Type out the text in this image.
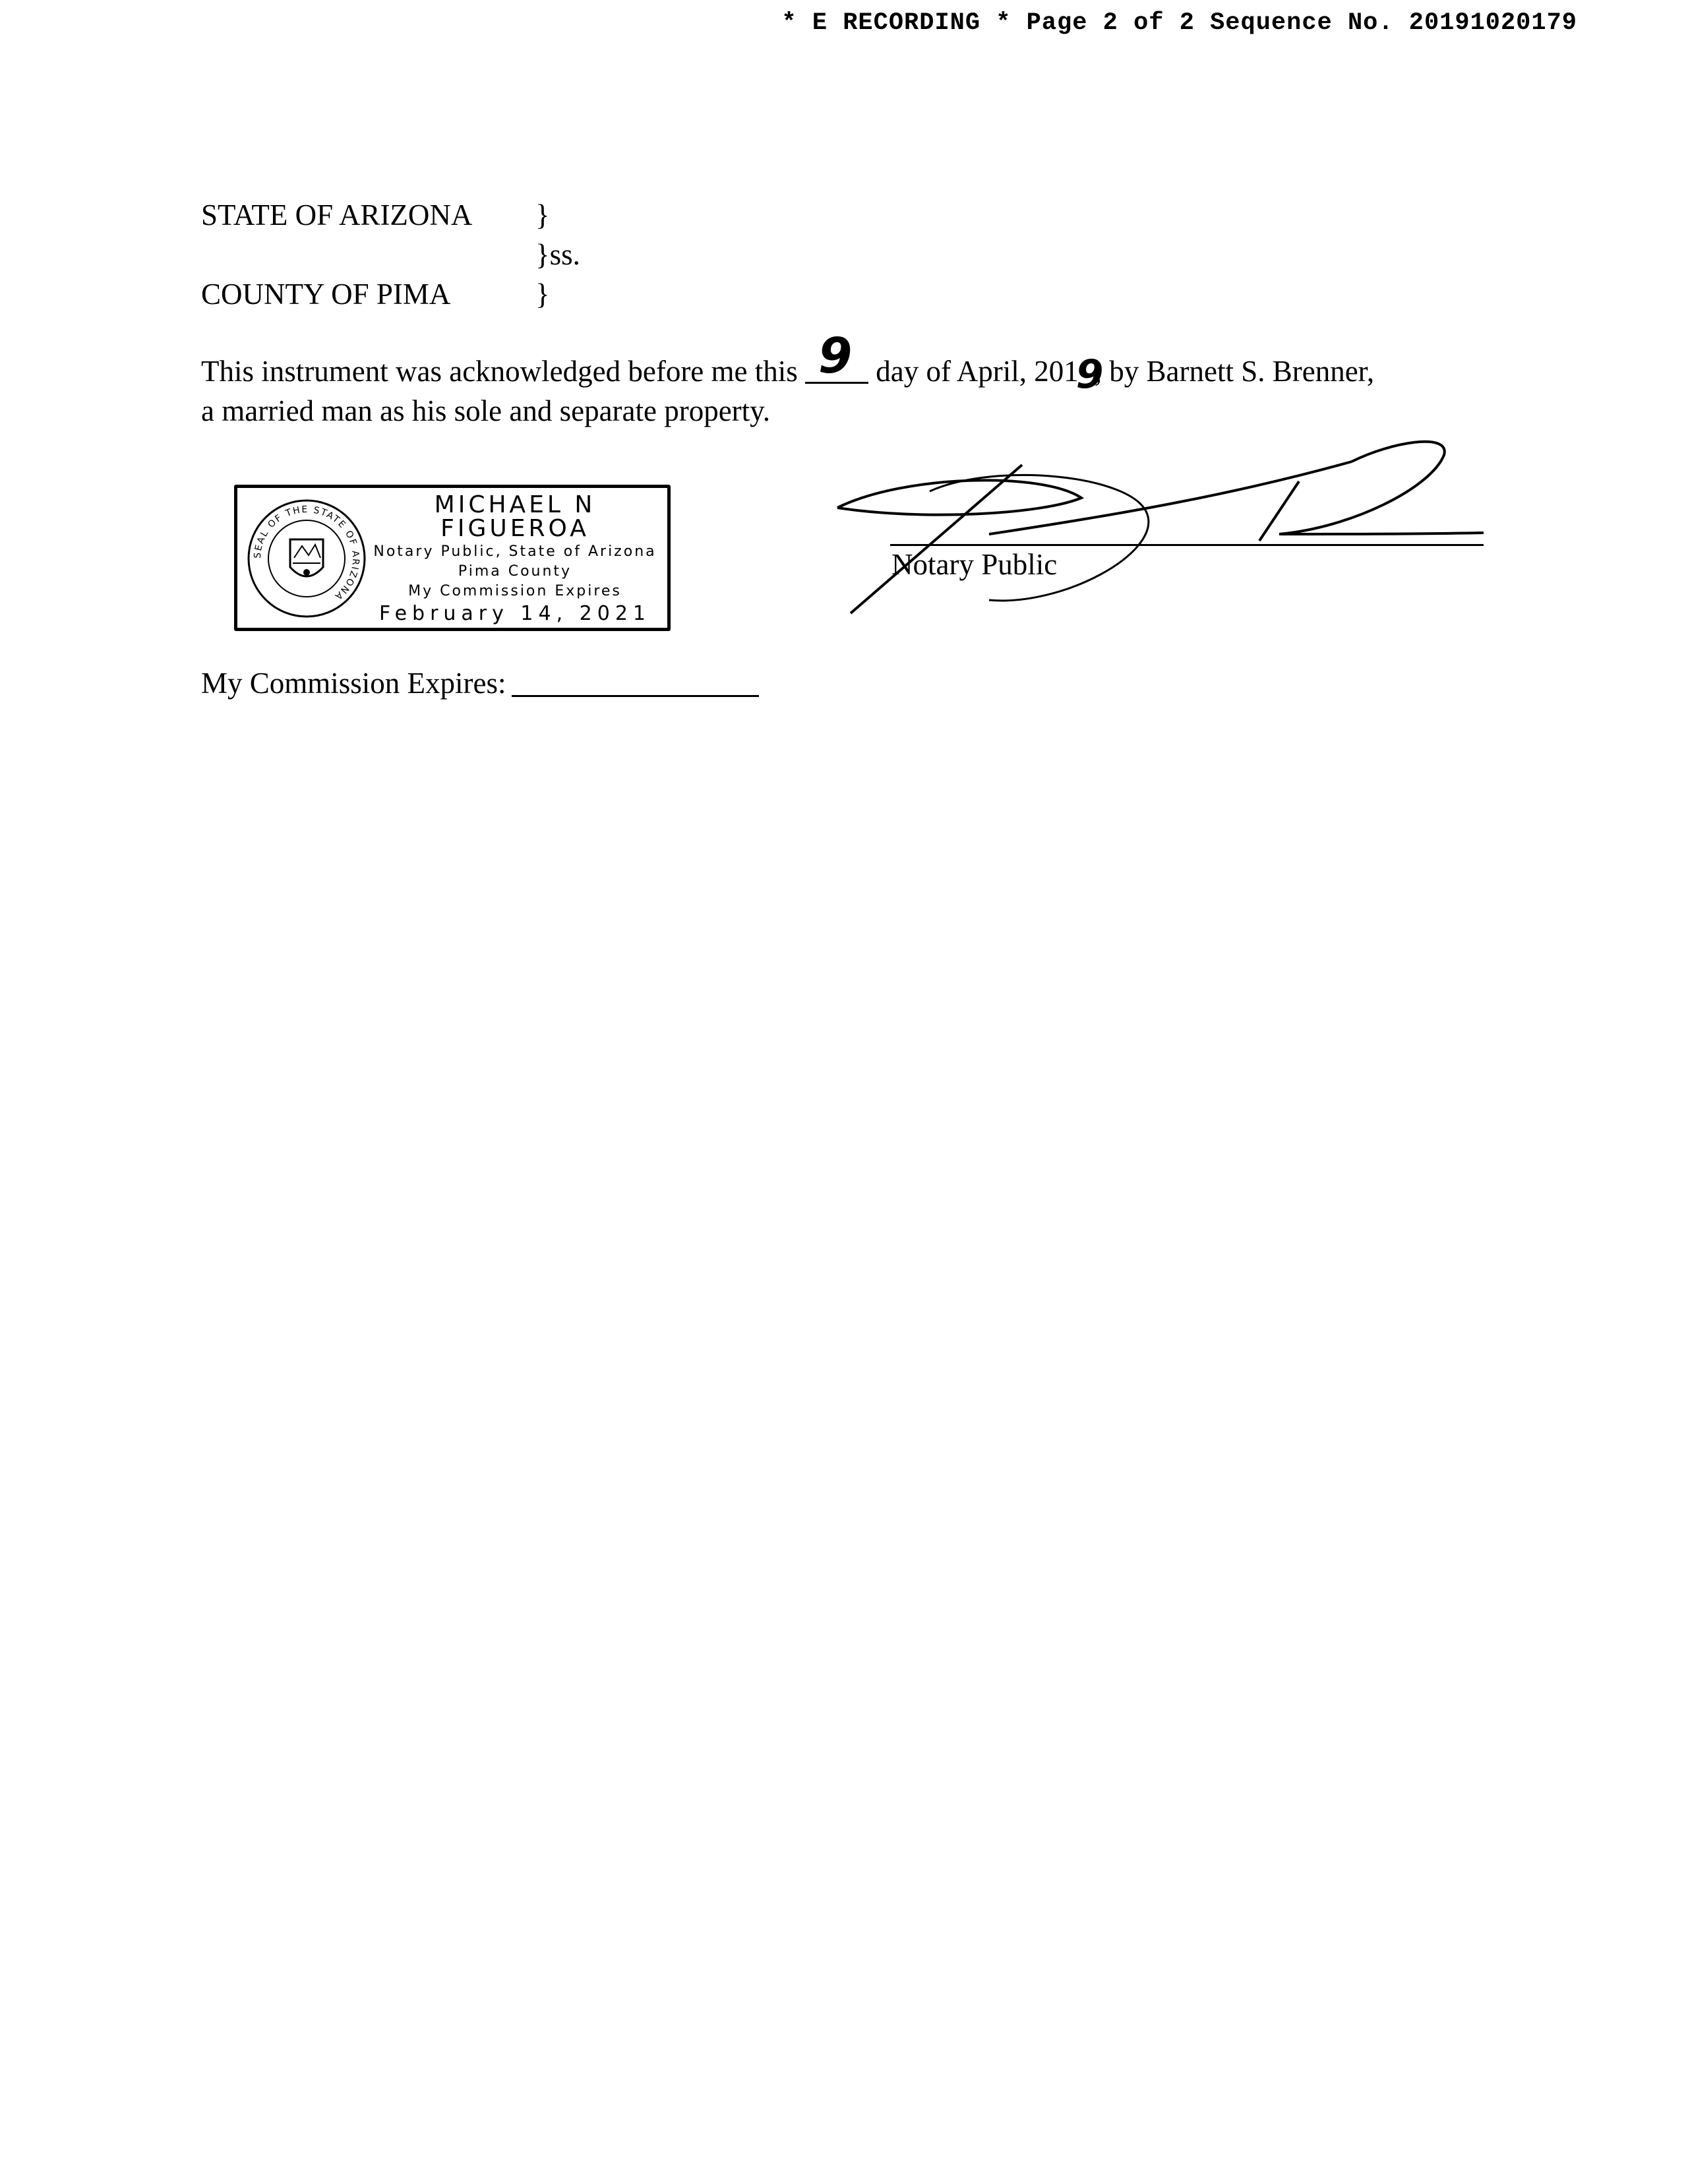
* E RECORDING * Page 2 of 2 Sequence No. 20191020179
STATE OF ARIZONA }
}ss.
COUNTY OF PIMA	}
This instrument was acknowledged before me this 9 day of April, 201
9
, by Barnett S. Brenner,
a married man as his sole and separate property.
SEAL OF THE STATE OF ARIZONA
MICHAEL N FIGUEROA
Notary Public, State of Arizona
Pima County
My Commission Expires
February 14, 2021
Notary Public
My Commission Expires:
